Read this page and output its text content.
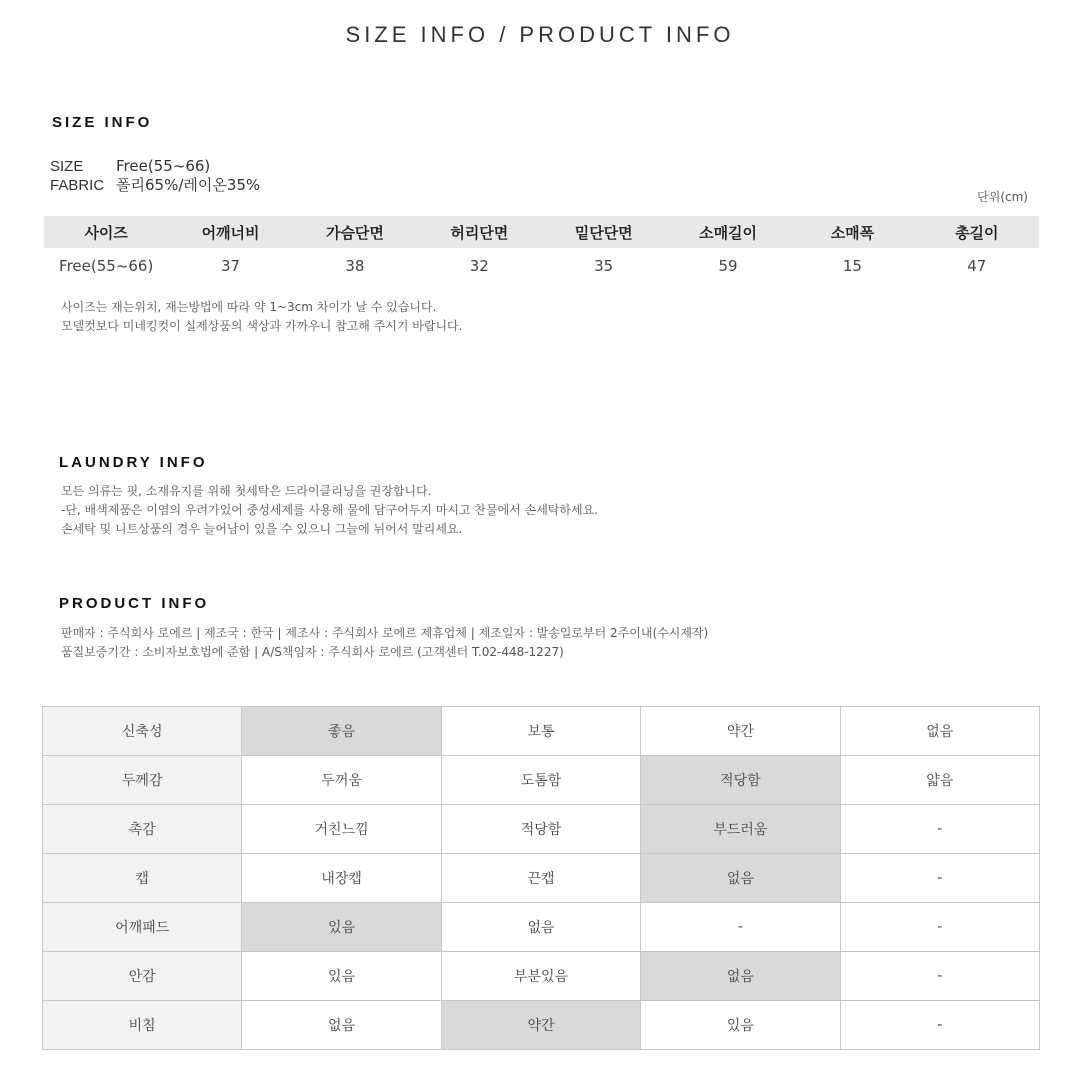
SIZE INFO / PRODUCT INFO
SIZE INFO
SIZE Free(55~66)
FABRIC 폴리65%/레이온35%
단위(cm)
사이즈	어깨너비	가슴단면	허리단면	밑단단면	소매길이	소매폭	총길이
Free(55~66)	37	38	32	35	59	15	47
사이즈는 재는위치, 재는방법에 따라 약 1~3cm 차이가 날 수 있습니다.
모델컷보다 미네킹컷이 실제상품의 색상과 가까우니 참고해 주시기 바랍니다.
LAUNDRY INFO
모든 의류는 핏, 소재유지를 위해 첫세탁은 드라이클리닝을 권장합니다.
-단, 배색제품은 이염의 우려가있어 중성세제를 사용해 물에 담구어두지 마시고 찬물에서 손세탁하세요.
손세탁 및 니트상품의 경우 늘어남이 있을 수 있으니 그늘에 뉘어서 말리세요.
PRODUCT INFO
판매자 : 주식회사 로에르 | 제조국 : 한국 | 제조사 : 주식회사 로에르 제휴업체 | 제조일자 : 발송일로부터 2주이내(수시제작)
품질보증기간 : 소비자보호법에 준함 | A/S책임자 : 주식회사 로에르 (고객센터 T.02-448-1227)
신축성	좋음	보통	약간	없음
두께감	두꺼움	도톰함	적당함	얇음
촉감	거친느낌	적당함	부드러움	-
캡	내장캡	끈캡	없음	-
어깨패드	있음	없음	-	-
안감	있음	부분있음	없음	-
비침	없음	약간	있음	-
